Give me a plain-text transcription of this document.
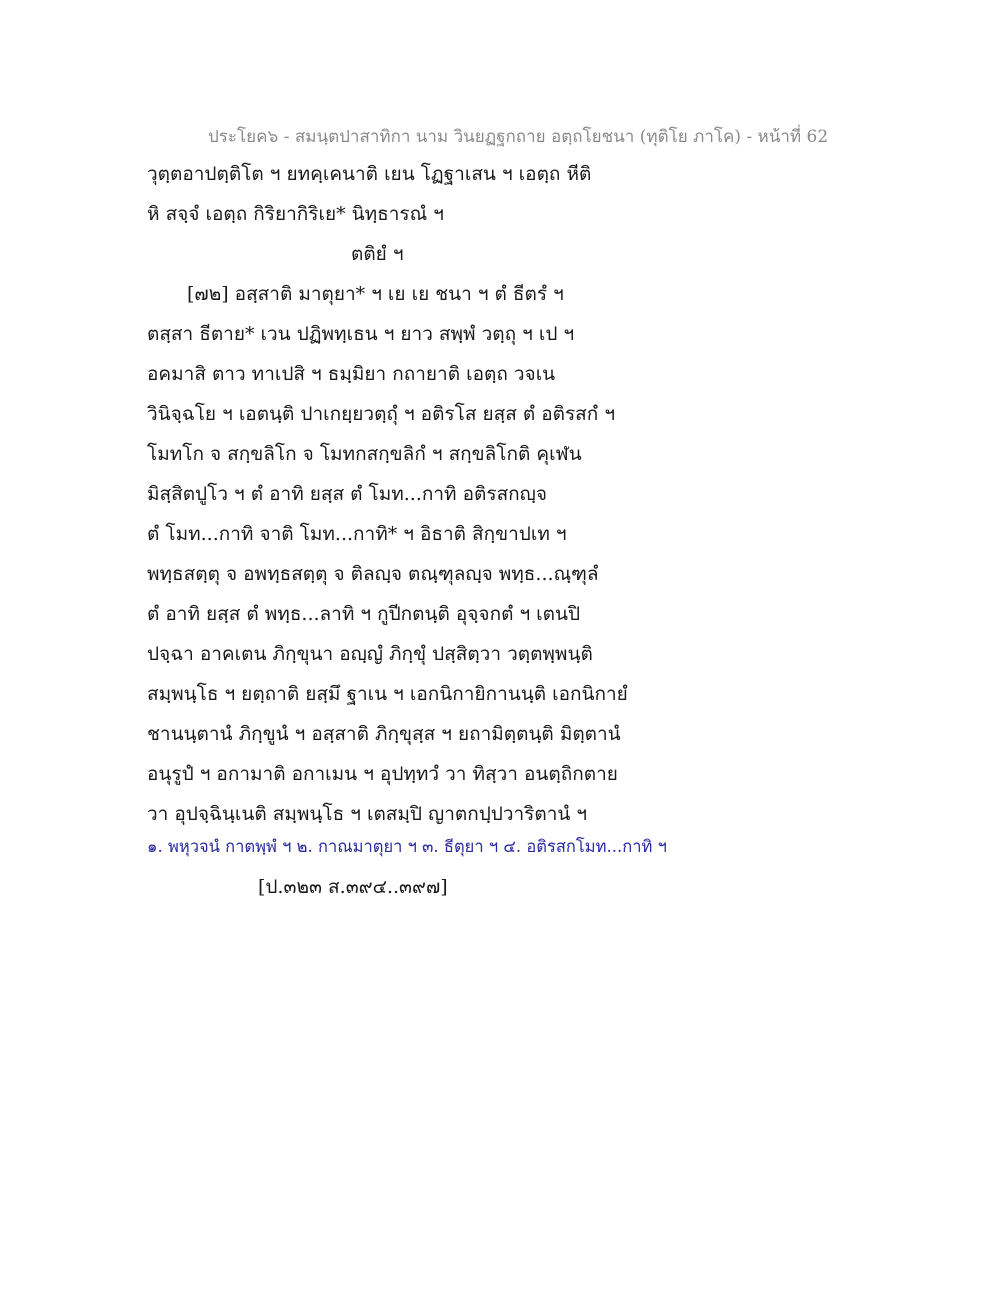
ประโยค๖ - สมนฺตปาสาทิกา นาม วินยฏฐกถาย อตฺถโยชนา (ทุติโย ภาโค) - หน้าที่ 62
วุตฺตอาปตฺติโต ฯ ยทคฺเคนาติ เยน โฏฐาเสน ฯ เอตฺถ หีติ
หิ สจฺจํ เอตฺถ กิริยากิริเย* นิทฺธารณํ ฯ
ตติยํ ฯ
[๗๒] อสฺสาติ มาตุยา* ฯ เย เย ชนา ฯ ตํ ธีตรํ ฯ
ตสฺสา ธีตาย* เวน ปฏิพทฺเธน ฯ ยาว สพฺพํ วตฺถุ ฯ เป ฯ
อคมาสิ ตาว ทาเปสิ ฯ ธมฺมิยา กถายาติ เอตฺถ วจเน
วินิจฺฉโย ฯ เอตนฺติ ปาเกยฺยวตฺถุํ ฯ อติรโส ยสฺส ตํ อติรสกํ ฯ
โมทโก จ สกฺขลิโก จ โมทกสกฺขลิกํ ฯ สกฺขลิโกติ คุเฬน
มิสฺสิตปูโว ฯ ตํ อาทิ ยสฺส ตํ โมท...กาทิ อติรสกญฺจ
ตํ โมท...กาทิ จาติ โมท...กาทิ* ฯ อิธาติ สิกฺขาปเท ฯ
พทฺธสตฺตุ จ อพทฺธสตฺตุ จ ติลญฺจ ตณฺฑุลญฺจ พทฺธ...ณฺฑุลํ
ตํ อาทิ ยสฺส ตํ พทฺธ...ลาทิ ฯ กูปีกตนฺติ อุจฺจกตํ ฯ เตนปิ
ปจฺฉา อาคเตน ภิกฺขุนา อญฺญํ ภิกฺขุํ ปสฺสิตฺวา วตฺตพฺพนฺติ
สมฺพนฺโธ ฯ ยตฺถาติ ยสฺมึ ฐาเน ฯ เอกนิกายิกานนฺติ เอกนิกายํ
ชานนฺตานํ ภิกฺขูนํ ฯ อสฺสาติ ภิกฺขุสฺส ฯ ยถามิตฺตนฺติ มิตฺตานํ
อนุรูปํ ฯ อกามาติ อกาเมน ฯ อุปทฺทวํ วา ทิสฺวา อนตฺถิกตาย
วา อุปจฺฉินฺเนติ สมฺพนฺโธ ฯ เตสมฺปิ ญาตกปฺปวาริตานํ ฯ
๑. พหุวจนํ กาตพฺพํ ฯ ๒. กาณมาตุยา ฯ ๓. ธีตุยา ฯ ๔. อติรสกโมท...กาทิ ฯ
[ป.๓๒๓ ส.๓๙๔..๓๙๗]
